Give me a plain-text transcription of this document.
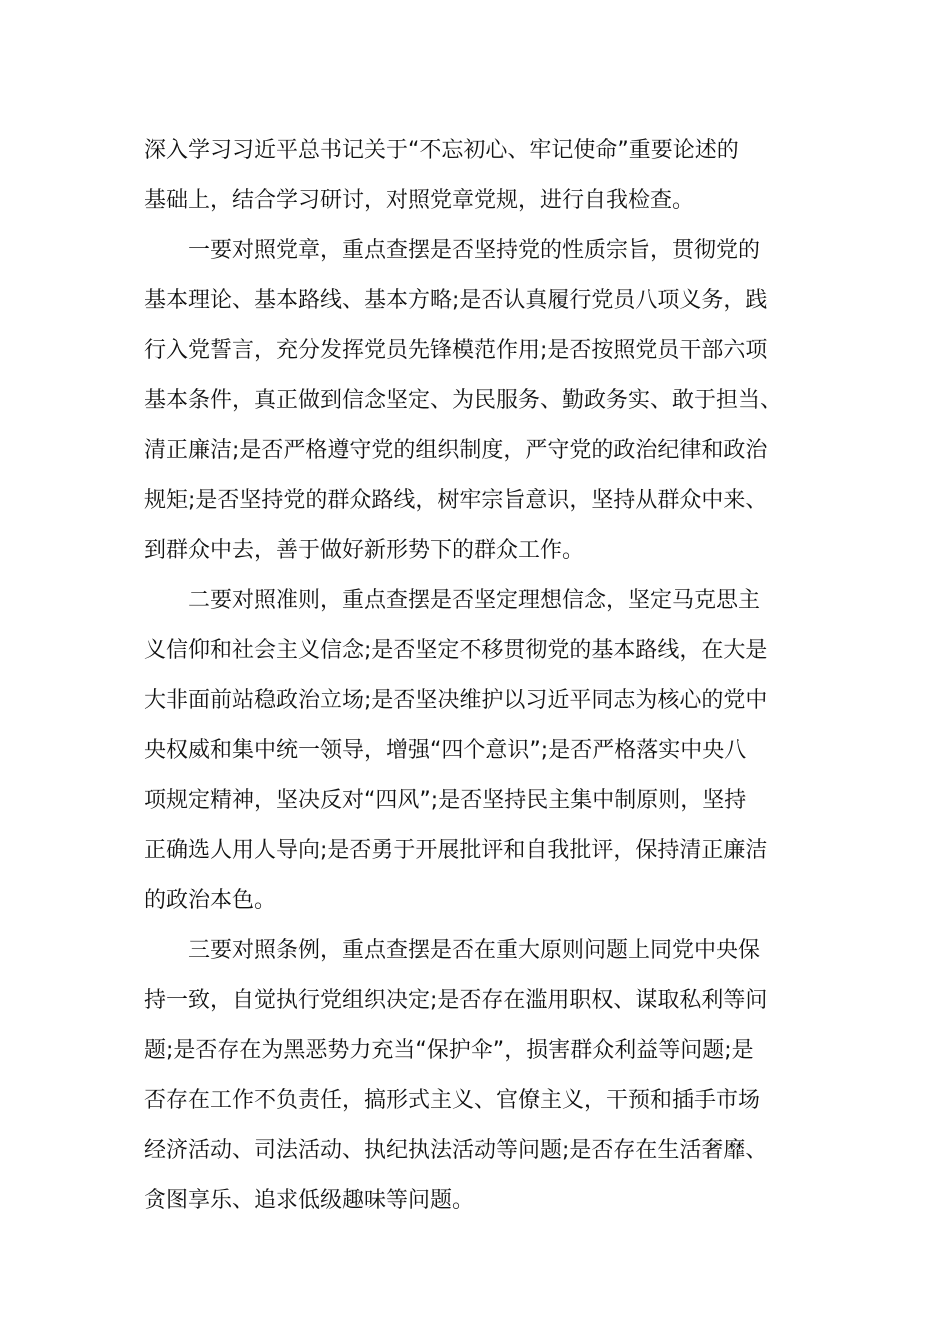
深入学习习近平总书记关于“不忘初心、牢记使命”重要论述的
基础上，结合学习研讨，对照党章党规，进行自我检查。
　　一要对照党章，重点查摆是否坚持党的性质宗旨，贯彻党的
基本理论、基本路线、基本方略;是否认真履行党员八项义务，践
行入党誓言，充分发挥党员先锋模范作用;是否按照党员干部六项
基本条件，真正做到信念坚定、为民服务、勤政务实、敢于担当、
清正廉洁;是否严格遵守党的组织制度，严守党的政治纪律和政治
规矩;是否坚持党的群众路线，树牢宗旨意识，坚持从群众中来、
到群众中去，善于做好新形势下的群众工作。
　　二要对照准则，重点查摆是否坚定理想信念，坚定马克思主
义信仰和社会主义信念;是否坚定不移贯彻党的基本路线，在大是
大非面前站稳政治立场;是否坚决维护以习近平同志为核心的党中
央权威和集中统一领导，增强“四个意识”;是否严格落实中央八
项规定精神，坚决反对“四风”;是否坚持民主集中制原则，坚持
正确选人用人导向;是否勇于开展批评和自我批评，保持清正廉洁
的政治本色。
　　三要对照条例，重点查摆是否在重大原则问题上同党中央保
持一致，自觉执行党组织决定;是否存在滥用职权、谋取私利等问
题;是否存在为黑恶势力充当“保护伞”，损害群众利益等问题;是
否存在工作不负责任，搞形式主义、官僚主义，干预和插手市场
经济活动、司法活动、执纪执法活动等问题;是否存在生活奢靡、
贪图享乐、追求低级趣味等问题。
